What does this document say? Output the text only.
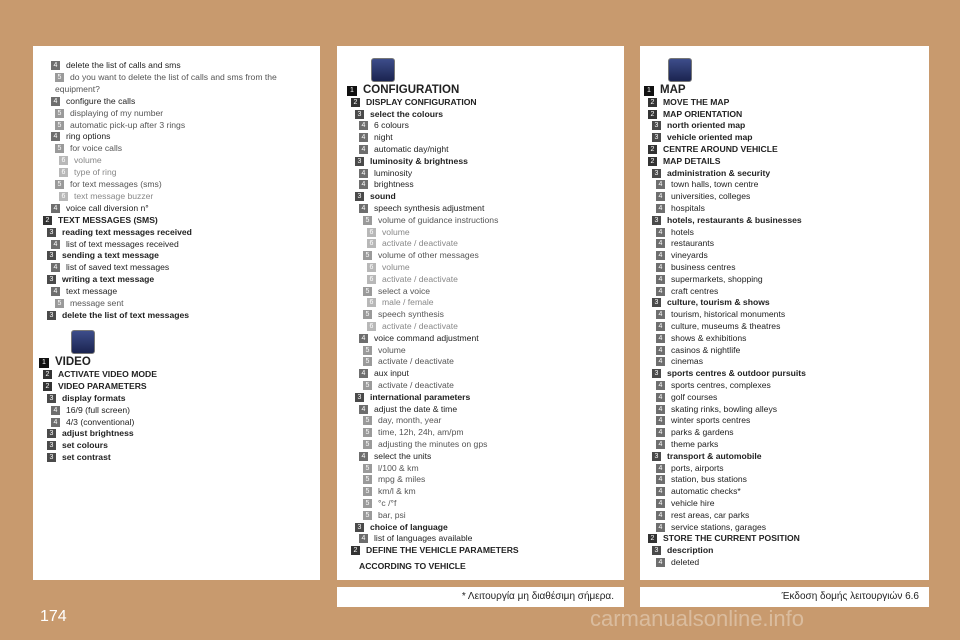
4 delete the list of calls and sms
5 do you want to delete the list of calls and sms from the
equipment?
4 configure the calls
5 displaying of my number
5 automatic pick-up after 3 rings
4 ring options
5 for voice calls
6 volume
6 type of ring
5 for text messages (sms)
6 text message buzzer
4 voice call diversion n°
2 TEXT MESSAGES (SMS)
3 reading text messages received
4 list of text messages received
3 sending a text message
4 list of saved text messages
3 writing a text message
4 text message
5 message sent
3 delete the list of text messages
1 VIDEO
2 ACTIVATE VIDEO MODE
2 VIDEO PARAMETERS
3 display formats
4 16/9 (full screen)
4 4/3 (conventional)
3 adjust brightness
3 set colours
3 set contrast
1 CONFIGURATION
2 DISPLAY CONFIGURATION
3 select the colours
4 6 colours
4 night
4 automatic day/night
3 luminosity & brightness
4 luminosity
4 brightness
3 sound
4 speech synthesis adjustment
5 volume of guidance instructions
6 volume
6 activate / deactivate
5 volume of other messages
6 volume
6 activate / deactivate
5 select a voice
6 male / female
5 speech synthesis
6 activate / deactivate
4 voice command adjustment
5 volume
5 activate / deactivate
4 aux input
5 activate / deactivate
3 international parameters
4 adjust the date & time
5 day, month, year
5 time, 12h, 24h, am/pm
5 adjusting the minutes on gps
4 select the units
5 l/100 & km
5 mpg & miles
5 km/l & km
5 °c /°f
5 bar, psi
3 choice of language
4 list of languages available
2 DEFINE THE VEHICLE PARAMETERS
ACCORDING TO VEHICLE
1 MAP
2 MOVE THE MAP
2 MAP ORIENTATION
3 north oriented map
3 vehicle oriented map
2 CENTRE AROUND VEHICLE
2 MAP DETAILS
3 administration & security
4 town halls, town centre
4 universities, colleges
4 hospitals
3 hotels, restaurants & businesses
4 hotels
4 restaurants
4 vineyards
4 business centres
4 supermarkets, shopping
4 craft centres
3 culture, tourism & shows
4 tourism, historical monuments
4 culture, museums & theatres
4 shows & exhibitions
4 casinos & nightlife
4 cinemas
3 sports centres & outdoor pursuits
4 sports centres, complexes
4 golf courses
4 skating rinks, bowling alleys
4 winter sports centres
4 parks & gardens
4 theme parks
3 transport & automobile
4 ports, airports
4 station, bus stations
4 automatic checks*
4 vehicle hire
4 rest areas, car parks
4 service stations, garages
2 STORE THE CURRENT POSITION
3 description
4 deleted
* Λειτουργία μη διαθέσιμη σήμερα.	Έκδοση δομής λειτουργιών 6.6
174	carmanualsonline.info
